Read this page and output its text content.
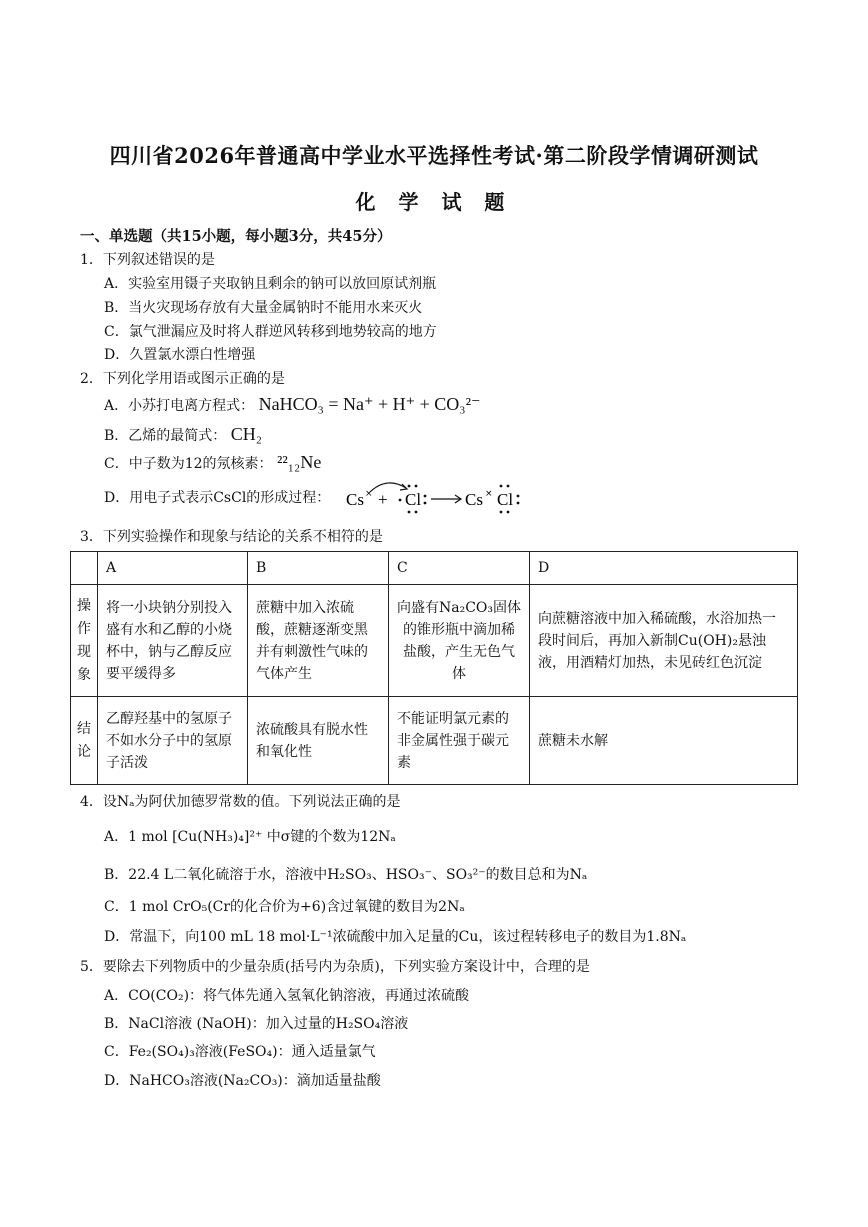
四川省2026年普通高中学业水平选择性考试·第二阶段学情调研测试
化 学 试 题
一、单选题（共15小题，每小题3分，共45分）
1．下列叙述错误的是
A．实验室用镊子夹取钠且剩余的钠可以放回原试剂瓶
B．当火灾现场存放有大量金属钠时不能用水来灭火
C．氯气泄漏应及时将人群逆风转移到地势较高的地方
D．久置氯水漂白性增强
2．下列化学用语或图示正确的是
A．小苏打电离方程式： NaHCO₃ = Na⁺ + H⁺ + CO₃²⁻
B．乙烯的最简式： CH₂
C．中子数为12的氖核素： ²²₁₂Ne
D．用电子式表示CsCl的形成过程： Cs × + Cl	Cs × Cl
3．下列实验操作和现象与结论的关系不相符的是
	A	B	C	D
操作现象	将一小块钠分别投入盛有水和乙醇的小烧杯中，钠与乙醇反应要平缓得多	蔗糖中加入浓硫酸，蔗糖逐渐变黑并有刺激性气味的气体产生	向盛有Na₂CO₃固体的锥形瓶中滴加稀盐酸，产生无色气体	向蔗糖溶液中加入稀硫酸，水浴加热一段时间后，再加入新制Cu(OH)₂悬浊液，用酒精灯加热，未见砖红色沉淀
结论	乙醇羟基中的氢原子不如水分子中的氢原子活泼	浓硫酸具有脱水性和氧化性	不能证明氯元素的非金属性强于碳元素	蔗糖未水解
4．设Nₐ为阿伏加德罗常数的值。下列说法正确的是
A．1 mol [Cu(NH₃)₄]²⁺ 中σ键的个数为12Nₐ
B．22.4 L二氧化硫溶于水，溶液中H₂SO₃、HSO₃⁻、SO₃²⁻的数目总和为Nₐ
C．1 mol CrO₅(Cr的化合价为+6)含过氧键的数目为2Nₐ
D．常温下，向100 mL 18 mol·L⁻¹浓硫酸中加入足量的Cu，该过程转移电子的数目为1.8Nₐ
5．要除去下列物质中的少量杂质(括号内为杂质)，下列实验方案设计中，合理的是
A．CO(CO₂)：将气体先通入氢氧化钠溶液，再通过浓硫酸
B．NaCl溶液 (NaOH)：加入过量的H₂SO₄溶液
C．Fe₂(SO₄)₃溶液(FeSO₄)：通入适量氯气
D．NaHCO₃溶液(Na₂CO₃)：滴加适量盐酸
